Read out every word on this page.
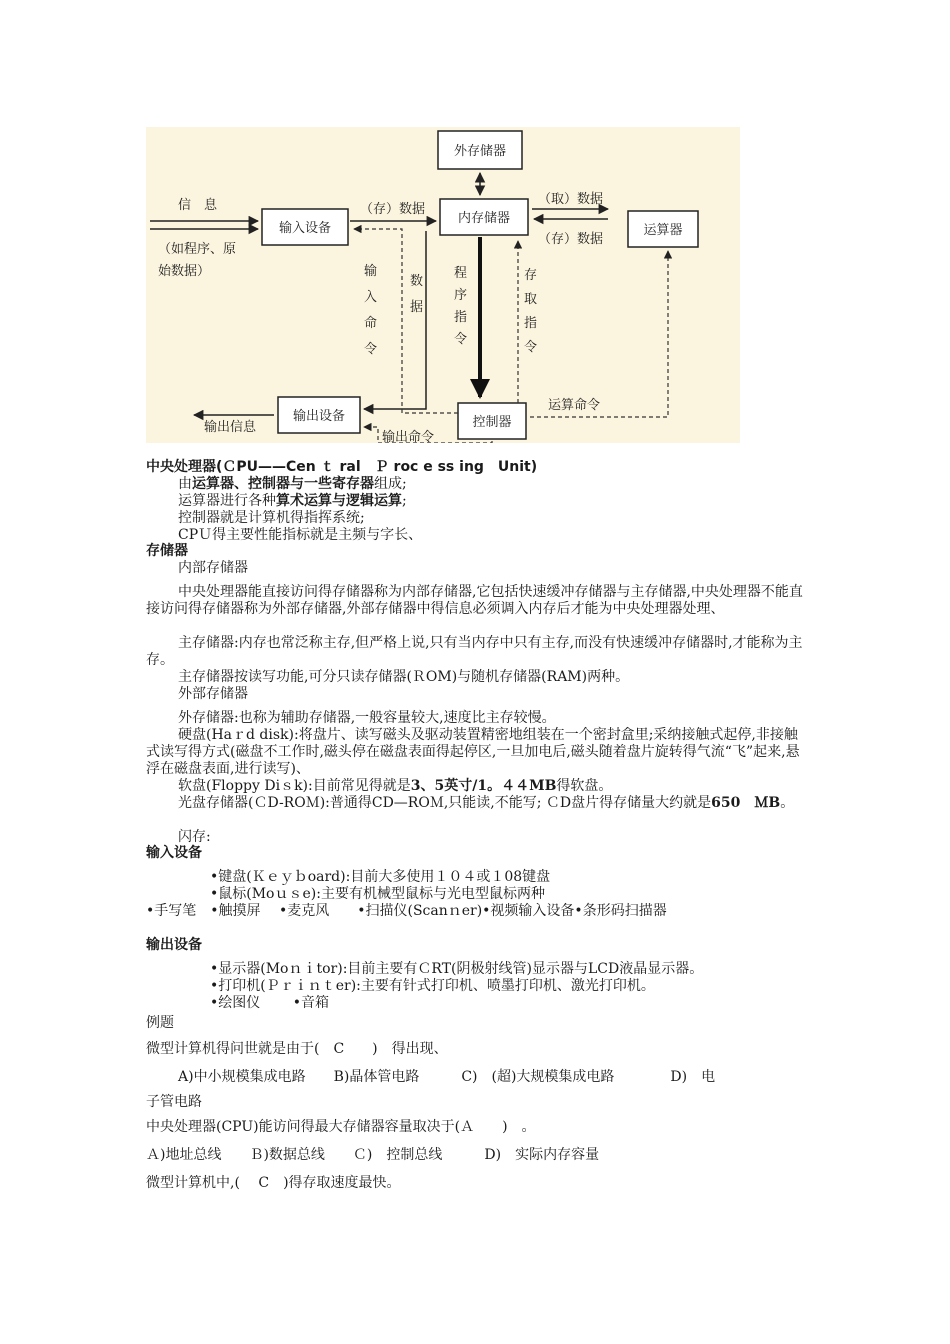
外存储器
输入设备
内存储器
运算器
输出设备	控制器
信　息
（如程序、原
始数据）
（存）数据
（取）数据
（存）数据
输
入
命
令
数
据
程
序
指
令
存
取
指
令
运算命令
输出信息
输出命令
中央处理器(ＣPU——Cen ｔ ral　Ｐ roc e ss ing　Unit)
由运算器、控制器与一些寄存器组成;
运算器进行各种算术运算与逻辑运算;
控制器就是计算机得指挥系统;
CPＵ得主要性能指标就是主频与字长、
存储器
内部存储器
中央处理器能直接访问得存储器称为内部存储器,它包括快速缓冲存储器与主存储器,中央处理器不能直接访问得存储器称为外部存储器,外部存储器中得信息必须调入内存后才能为中央处理器处理、
主存储器:内存也常泛称主存,但严格上说,只有当内存中只有主存,而没有快速缓冲存储器时,才能称为主存。
主存储器按读写功能,可分只读存储器(ＲOM)与随机存储器(RAM)两种。
外部存储器
外存储器:也称为辅助存储器,一般容量较大,速度比主存较慢。
硬盘(Haｒd disk):将盘片、读写磁头及驱动装置精密地组装在一个密封盒里;采纳接触式起停,非接触式读写得方式(磁盘不工作时,磁头停在磁盘表面得起停区,一旦加电后,磁头随着盘片旋转得气流“飞”起来,悬浮在磁盘表面,进行读写)、
软盘(Floppy Diｓk):目前常见得就是3、5英寸/1。４４MB得软盘。
光盘存储器(ＣD-ROＭ):普通得CD—ROＭ,只能读,不能写; ＣD盘片得存储量大约就是650　ＭB。
闪存:
输入设备
•键盘(Ｋｅｙｂoard):目前大多使用１０４或１08键盘
•鼠标(Moｕｓe):主要有机械型鼠标与光电型鼠标两种
•手写笔　•触摸屏　 •麦克风　　•扫描仪(Scanｎer)•视频输入设备•条形码扫描器
输出设备
•显示器(Moｎｉtor):目前主要有ＣRT(阴极射线管)显示器与LCD液晶显示器。
•打印机(Ｐｒｉｎｔer):主要有针式打印机、喷墨打印机、激光打印机。
•绘图仪　　 •音箱
例题
微型计算机得问世就是由于(　C　　)　得出现、
A)中小规模集成电路　　B)晶体管电路　　　C)　(超)大规模集成电路　　　　D)　电
子管电路
中央处理器(CPU)能访问得最大存储器容量取决于(Ａ　　)　。
Ａ)地址总线　　Ｂ)数据总线　　Ｃ)　控制总线　　　D)　实际内存容量
微型计算机中,(　 C　)得存取速度最快。
